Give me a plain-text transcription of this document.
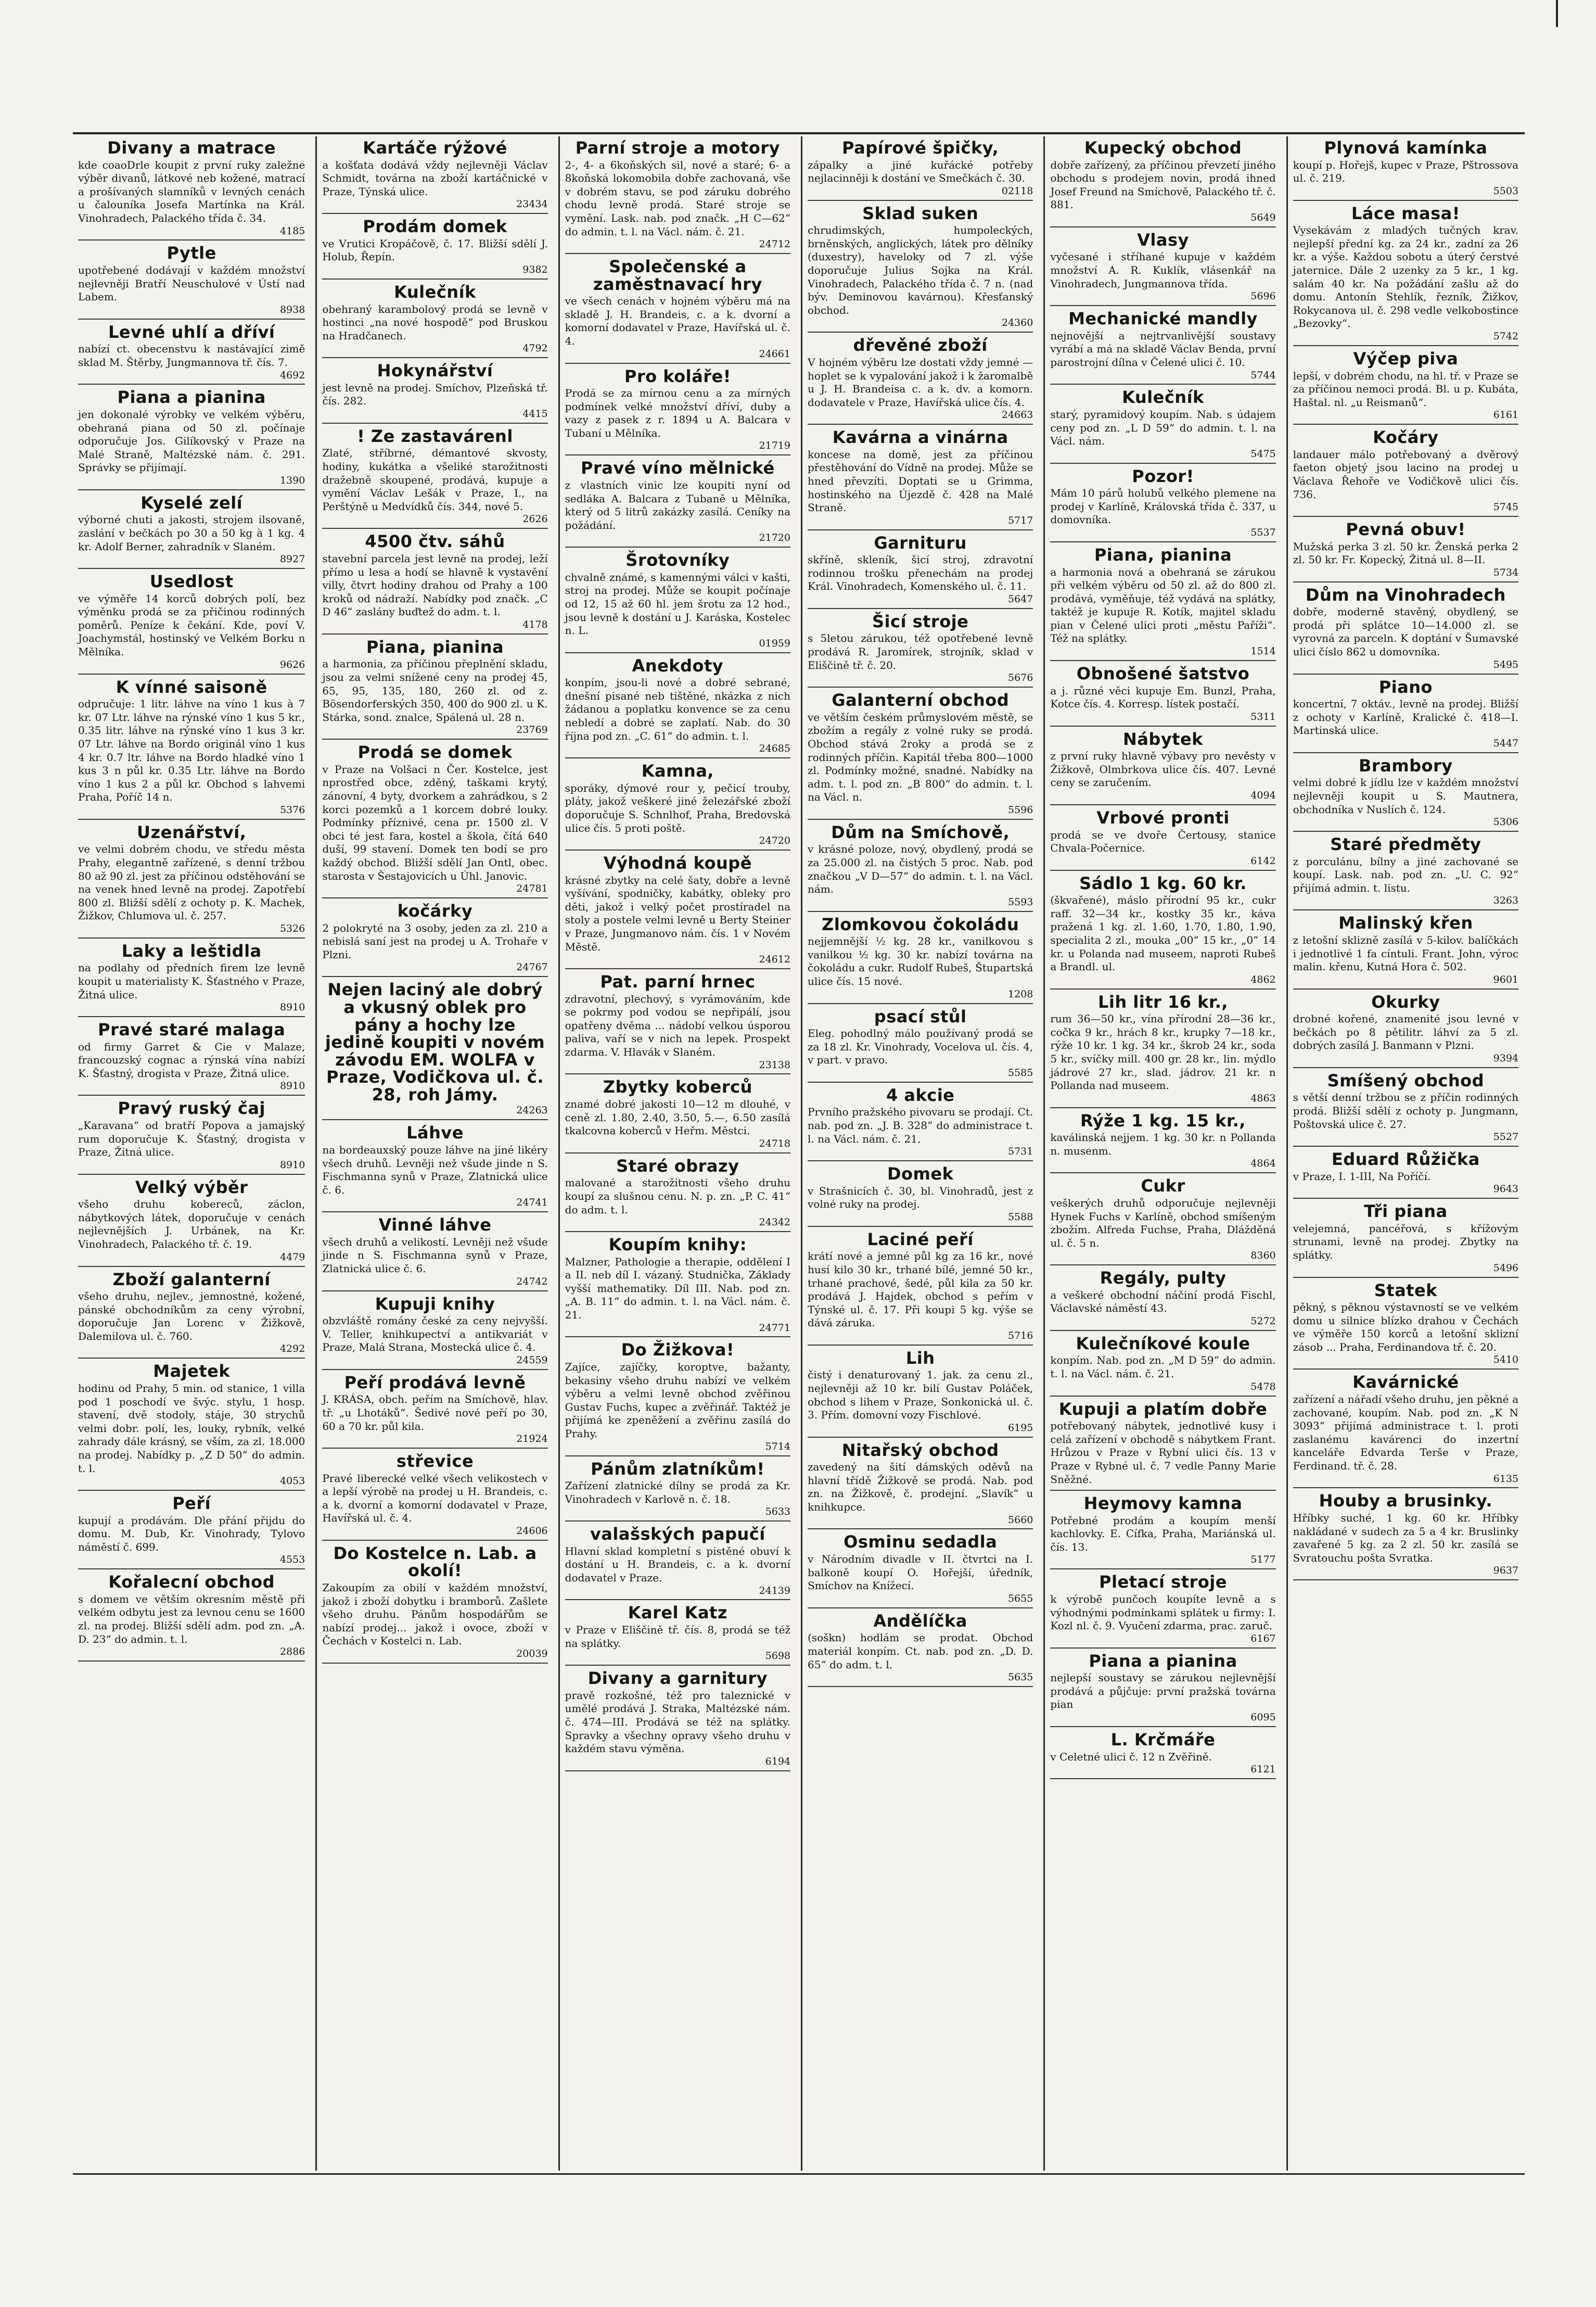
Divany a matrace

kde coaoDrle koupit z první ruky zaležne výběr divanů, látkové neb kožené, matrací a prošívaných slamníků v levných cenách u čalouníka Josefa Martínka na Král. Vinohradech, Palackého třída č. 34.

4185
Pytle

upotřebené dodávají v každém množství nejlevněji Bratří Neuschulové v Ústí nad Labem.

8938
Levné uhlí a dříví

nabízí ct. obecenstvu k nastávající zimě sklad M. Štěrby, Jungmannova tř. čís. 7.

4692
Piana a pianina

jen dokonalé výrobky ve velkém výběru, obehraná piana od 50 zl. počínaje odporučuje Jos. Gilíkovský v Praze na Malé Straně, Maltézské nám. č. 291. Správky se přijímají.

1390
Kyselé zelí

výborné chuti a jakosti, strojem ilsovaně, zaslání v bečkách po 30 a 50 kg à 1 kg. 4 kr. Adolf Berner, zahradník v Slaném.

8927
Usedlost

ve výměře 14 korců dobrých polí, bez výměnku prodá se za přičinou rodinných poměrů. Peníze k čekání. Kde, poví V. Joachymstál, hostinský ve Velkém Borku n Mělníka.

9626
K vínné saisoně

odpručuje: 1 litr. láhve na víno 1 kus à 7 kr. 07 Ltr. láhve na rýnské víno 1 kus 5 kr., 0.35 litr. láhve na rýnské víno 1 kus 3 kr. 07 Ltr. láhve na Bordo originál víno 1 kus 4 kr. 0.7 ltr. láhve na Bordo hladké víno 1 kus 3 n půl kr. 0.35 Ltr. láhve na Bordo víno 1 kus 2 a půl kr. Obchod s lahvemi Praha, Poříč 14 n.

5376
Uzenářství,

ve velmi dobrém chodu, ve středu města Prahy, elegantně zařízené, s denní tržbou 80 až 90 zl. jest za příčinou odstěhování se na venek hned levně na prodej. Zapotřebí 800 zl. Bližší sdělí z ochoty p. K. Machek, Žižkov, Chlumova ul. č. 257.

5326
Laky a leštidla

na podlahy od předních firem lze levně koupit u materialisty K. Šťastného v Praze, Žitná ulice.

8910
Pravé staré malaga

od firmy Garret & Cie v Malaze, francouzský cognac a rýnská vína nabízí K. Šťastný, drogista v Praze, Žitná ulice.

8910
Pravý ruský čaj

„Karavana“ od bratří Popova a jamajský rum doporučuje K. Šťastný, drogista v Praze, Žitná ulice.

8910
Velký výběr

všeho druhu kobereců, záclon, nábytkových látek, doporučuje v cenách nejlevnějších J. Urbánek, na Kr. Vinohradech, Palackého tř. č. 19.

4479
Zboží galanterní

všeho druhu, nejlev., jemnostné, kožené, pánské obchodníkům za ceny výrobní, doporučuje Jan Lorenc v Žižkově, Dalemilova ul. č. 760.

4292
Majetek

hodinu od Prahy, 5 min. od stanice, 1 villa pod 1 poschodí ve švýc. stylu, 1 hosp. stavení, dvě stodoly, stáje, 30 strychů velmi dobr. polí, les, louky, rybník, velké zahrady dále krásný, se vším, za zl. 18.000 na prodej. Nabídky p. „Z D 50“ do admin. t. l.

4053
Peří

kupují a prodávám. Dle přání přijdu do domu. M. Dub, Kr. Vinohrady, Tylovo náměstí č. 699.

4553
Kořalecní obchod

s domem ve větším okresním městě při velkém odbytu jest za levnou cenu se 1600 zl. na prodej. Bližší sdělí adm. pod zn. „A. D. 23“ do admin. t. l.

2886
Kartáče rýžové

a košťata dodává vždy nejlevněji Václav Schmidt, továrna na zboží kartáčnické v Praze, Týnská ulice.

23434
Prodám domek

ve Vrutici Kropáčově, č. 17. Bližší sdělí J. Holub, Řepín.

9382
Kulečník

obehraný karambolový prodá se levně v hostinci „na nové hospodě“ pod Bruskou na Hradčanech.

4792
Hokynářství

jest levně na prodej. Smíchov, Plzeňská tř. čís. 282.

4415
! Ze zastavárenl

Zlaté, stříbrné, démantové skvosty, hodiny, kukátka a všeliké starožitnosti dražebně skoupené, prodává, kupuje a vymění Václav Lešák v Praze, I., na Perštýně u Medvídků čís. 344, nové 5.

2626
4500 čtv. sáhů

stavební parcela jest levně na prodej, leží přímo u lesa a hodí se hlavně k vystavění villy, čtvrt hodiny drahou od Prahy a 100 kroků od nádraží. Nabídky pod značk. „C D 46“ zaslány buďtež do adm. t. l.

4178
Piana, pianina

a harmonia, za příčinou přeplnění skladu, jsou za velmi snížené ceny na prodej 45, 65, 95, 135, 180, 260 zl. od z. Bösendorferských 350, 400 do 900 zl. u K. Stárka, sond. znalce, Spálená ul. 28 n.

23769
Prodá se domek

v Praze na Volšaci n Čer. Kostelce, jest nprostřed obce, zděný, taškami krytý, zánovní, 4 byty, dvorkem a zahrádkou, s 2 korci pozemků a 1 korcem dobré louky. Podmínky příznivé, cena pr. 1500 zl. V obci té jest fara, kostel a škola, čítá 640 duší, 99 stavení. Domek ten bodí se pro každý obchod. Bližší sdělí Jan Ontl, obec. starosta v Šestajovicích u Úhl. Janovic.

24781
kočárky

2 polokryté na 3 osoby, jeden za zl. 210 a nebislá saní jest na prodej u A. Trohaře v Plzni.

24767
Nejen laciný ale dobrý a vkusný oblek pro pány a hochy lze jedině koupiti v novém závodu EM. WOLFA v Praze, Vodičkova ul. č. 28, roh Jámy.

24263
Láhve

na bordeauxský pouze láhve na jiné likéry všech druhů. Levněji než všude jinde n S. Fischmanna synů v Praze, Zlatnická ulice č. 6.

24741
Vinné láhve

všech druhů a velikostí. Levněji než všude jinde n S. Fischmanna synů v Praze, Zlatnická ulice č. 6.

24742
Kupuji knihy

obzvláště romány české za ceny nejvyšší. V. Teller, knihkupectví a antikvariát v Praze, Malá Strana, Mostecká ulice č. 4.

24559
Peří prodává levně

J. KRÁSA, obch. peřím na Smíchově, hlav. tř. „u Lhotáků“. Šedivé nové peří po 30, 60 a 70 kr. půl kila.

21924
střevice

Pravé liberecké velké všech velikostech v a lepší výrobě na prodej u H. Brandeis, c. a k. dvorní a komorní dodavatel v Praze, Havířská ul. č. 4.

24606
Do Kostelce n. Lab. a okolí!

Zakoupím za obilí v každém množství, jakož i zboží dobytku i bramborů. Zašlete všeho druhu. Pánům hospodářům se nabízí prodej... jakož i ovoce, zboží v Čechách v Kostelci n. Lab.

20039
Parní stroje a motory

2-, 4- a 6koňských sil, nové a staré; 6- a 8koňská lokomobila dobře zachovaná, vše v dobrém stavu, se pod záruku dobrého chodu levně prodá. Staré stroje se vymění. Lask. nab. pod značk. „H C—62“ do admin. t. l. na Václ. nám. č. 21.

24712
Společenské a zaměstnavací hry

ve všech cenách v hojném výběru má na skladě J. H. Brandeis, c. a k. dvorní a komorní dodavatel v Praze, Havířská ul. č. 4.

24661
Pro koláře!

Prodá se za mírnou cenu a za mírných podmínek velké množství dříví, duby a vazy z pasek z r. 1894 u A. Balcara v Tubaní u Mělníka.

21719
Pravé víno mělnické

z vlastních vinic lze koupiti nyní od sedláka A. Balcara z Tubaně u Mělníka, který od 5 litrů zakázky zasílá. Ceníky na požádání.

21720
Šrotovníky

chvalně známé, s kamennými válci v kašti, stroj na prodej. Může se koupit počínaje od 12, 15 až 60 hl. jem šrotu za 12 hod., jsou levně k dostání u J. Karáska, Kostelec n. L.

01959
Anekdoty

konpím, jsou-li nové a dobré sebrané, dnešní pisané neb tištěné, nkázka z nich žádanou a poplatku konvence se za cenu nebledí a dobré se zaplatí. Nab. do 30 října pod zn. „C. 61“ do admin. t. l.

24685
Kamna,

sporáky, dýmové rour y, pečicí trouby, pláty, jakož veškeré jiné železářské zboží doporučuje S. Schnlhof, Praha, Bredovská ulice čís. 5 proti poště.

24720
Výhodná koupě

krásné zbytky na celé šaty, dobře a levně vyšívání, spodničky, kabátky, obleky pro děti, jakož i velký počet prostíradel na stoly a postele velmi levně u Berty Steiner v Praze, Jungmanovo nám. čís. 1 v Novém Městě.

24612
Pat. parní hrnec

zdravotní, plechový, s vyrámováním, kde se pokrmy pod vodou se nepřipálí, jsou opatřeny dvěma ... nádobí velkou úsporou paliva, vaří se v nich na lepek. Prospekt zdarma. V. Hlavák v Slaném.

23138
Zbytky koberců

znamé dobré jakosti 10—12 m dlouhé, v ceně zl. 1.80, 2.40, 3.50, 5.—, 6.50 zasílá tkalcovna koberců v Heřm. Městci.

24718
Staré obrazy

malované a starožitnosti všeho druhu koupí za slušnou cenu. N. p. zn. „P. C. 41“ do adm. t. l.

24342
Koupím knihy:

Malzner, Pathologie a therapie, oddělení I a II. neb díl I. vázaný. Studnička, Základy vyšší mathematiky. Díl III. Nab. pod zn. „A. B. 11“ do admin. t. l. na Václ. nám. č. 21.

24771
Do Žižkova!

Zajíce, zajíčky, koroptve, bažanty, bekasiny všeho druhu nabízí ve velkém výběru a velmi levně obchod zvěřinou Gustav Fuchs, kupec a zvěřinář. Taktéž je přijímá ke zpeněžení a zvěřinu zasílá do Prahy.

5714
Pánům zlatníkům!

Zařízení zlatnické dílny se prodá za Kr. Vinohradech v Karlově n. č. 18.

5633
valašských papučí

Hlavní sklad kompletní s pistěné obuví k dostání u H. Brandeis, c. a k. dvorní dodavatel v Praze.

24139
Karel Katz

v Praze v Eliščině tř. čís. 8, prodá se též na splátky.

5698
Divany a garnitury

pravě rozkošné, též pro taleznické v umělé prodává J. Straka, Maltézské nám. č. 474—III. Prodává se též na splátky. Spravky a všechny opravy všeho druhu v každém stavu výměna.

6194
Papírové špičky,

zápalky a jiné kuřácké potřeby nejlacinněji k dostání ve Smečkách č. 30.

02118
Sklad suken

chrudimských, humpoleckých, brněnských, anglických, látek pro dělníky (duxestry), haveloky od 7 zl. výše doporučuje Julius Sojka na Král. Vinohradech, Palackého třída č. 7 n. (nad býv. Deminovou kavárnou). Křesťanský obchod.

24360
dřevěné zboží

V hojném výběru lze dostati vždy jemné — hoplet se k vypalování jakož i k žaromalbě u J. H. Brandeisa c. a k. dv. a komorn. dodavatele v Praze, Havířská ulice čís. 4.

24663
Kavárna a vinárna

koncese na domě, jest za příčinou přestěhování do Vídně na prodej. Může se hned převzíti. Doptati se u Grimma, hostinského na Újezdě č. 428 na Malé Straně.

5717
Garnituru

skříně, skleník, šicí stroj, zdravotní rodinnou trošku přenechám na prodej Král. Vinohradech, Komenského ul. č. 11.

5647
Šicí stroje

s 5letou zárukou, též opotřebené levně prodává R. Jaromírek, strojník, sklad v Eliščině tř. č. 20.

5676
Galanterní obchod

ve větším českém průmyslovém městě, se zbožím a regály z volné ruky se prodá. Obchod stává 2roky a prodá se z rodinných příčin. Kapitál třeba 800—1000 zl. Podmínky možné, snadné. Nabídky na adm. t. l. pod zn. „B 800“ do admin. t. l. na Václ. n.

5596
Dům na Smíchově,

v krásné poloze, nový, obydlený, prodá se za 25.000 zl. na čistých 5 proc. Nab. pod značkou „V D—57“ do admin. t. l. na Václ. nám.

5593
Zlomkovou čokoládu

nejjemnější ½ kg. 28 kr., vanilkovou s vanilkou ½ kg. 30 kr. nabízí továrna na čokoládu a cukr. Rudolf Rubeš, Štupartská ulice čís. 15 nové.

1208
psací stůl

Eleg. pohodlný málo používaný prodá se za 18 zl. Kr. Vinohrady, Vocelova ul. čís. 4, v part. v pravo.

5585
4 akcie

Prvního pražského pivovaru se prodají. Ct. nab. pod zn. „J. B. 328“ do administrace t. l. na Václ. nám. č. 21.

5731
Domek

v Strašnicích č. 30, bl. Vinohradů, jest z volné ruky na prodej.

5588
Laciné peří

krátí nové a jemné půl kg za 16 kr., nové husí kilo 30 kr., trhané bílé, jemné 50 kr., trhané prachové, šedé, půl kila za 50 kr. prodává J. Hajdek, obchod s peřím v Týnské ul. č. 17. Při koupi 5 kg. výše se dává záruka.

5716
Lih

čistý i denaturovaný 1. jak. za cenu zl., nejlevněji až 10 kr. bilí Gustav Poláček, obchod s lihem v Praze, Sonkonická ul. č. 3. Přím. domovní vozy Fischlové.

6195
Nitařský obchod

zavedený na šití dámských oděvů na hlavní třídě Žižkově se prodá. Nab. pod zn. na Žižkově, č. prodejní. „Slavík“ u knihkupce.

5660
Osminu sedadla

v Národním divadle v II. čtvrtci na I. balkoně koupí O. Hořejší, úředník, Smíchov na Knížecí.

5655
Andělíčka

(soškn) hodlám se prodat. Obchod materiál konpím. Ct. nab. pod zn. „D. D. 65“ do adm. t. l.

5635
Kupecký obchod

dobře zařízený, za příčinou převzetí jiného obchodu s prodejem novin, prodá ihned Josef Freund na Smíchově, Palackého tř. č. 881.

5649
Vlasy

vyčesané i stříhané kupuje v každém množství A. R. Kuklík, vlásenkář na Vinohradech, Jungmannova třída.

5696
Mechanické mandly

nejnovější a nejtrvanlivější soustavy vyrábí a má na skladě Václav Benda, první parostrojní dílna v Čelené ulici č. 10.

5744
Kulečník

starý, pyramidový koupím. Nab. s údajem ceny pod zn. „L D 59“ do admin. t. l. na Václ. nám.

5475
Pozor!

Mám 10 párů holubů velkého plemene na prodej v Karlíně, Královská třída č. 337, u domovníka.

5537
Piana, pianina

a harmonia nová a obehraná se zárukou při velkém výběru od 50 zl. až do 800 zl. prodává, vyměňuje, též vydává na splátky, taktéž je kupuje R. Kotík, majitel skladu pian v Čelené ulici proti „městu Paříži“. Též na splátky.

1514
Obnošené šatstvo

a j. různé věci kupuje Em. Bunzl, Praha, Kotce čís. 4. Korresp. lístek postačí.

5311
Nábytek

z první ruky hlavně výbavy pro nevěsty v Žižkově, Olmbrkova ulice čís. 407. Levné ceny se zaručením.

4094
Vrbové pronti

prodá se ve dvoře Čertousy, stanice Chvala-Počernice.

6142
Sádlo 1 kg. 60 kr.

(škvařené), máslo přírodní 95 kr., cukr raff. 32—34 kr., kostky 35 kr., káva pražená 1 kg. zl. 1.60, 1.70, 1.80, 1.90, specialita 2 zl., mouka „00“ 15 kr., „0“ 14 kr. u Polanda nad museem, naproti Rubeš a Brandl. ul.

4862
Lih litr 16 kr.,

rum 36—50 kr., vína přírodní 28—36 kr., cočka 9 kr., hrách 8 kr., krupky 7—18 kr., rýže 10 kr. 1 kg. 34 kr., škrob 24 kr., soda 5 kr., svíčky mill. 400 gr. 28 kr., lin. mýdlo jádrové 27 kr., slad. jádrov. 21 kr. n Pollanda nad museem.

4863
Rýže 1 kg. 15 kr.,

kaválinská nejjem. 1 kg. 30 kr. n Pollanda n. musenm.

4864
Cukr

veškerých druhů odporučuje nejlevněji Hynek Fuchs v Karlíně, obchod smíšeným zbožím. Alfreda Fuchse, Praha, Dlážděná ul. č. 5 n.

8360
Regály, pulty

a veškeré obchodní náčiní prodá Fischl, Václavské náměstí 43.

5272
Kulečníkové koule

konpím. Nab. pod zn. „M D 59“ do admin. t. l. na Václ. nám. č. 21.

5478
Kupuji a platím dobře

potřebovaný nábytek, jednotlivé kusy i celá zařízení v obchodě s nábytkem Frant. Hrůzou v Praze v Rybní ulici čís. 13 v Praze v Rybné ul. č. 7 vedle Panny Marie Sněžné.

Heymovy kamna

Potřebné prodám a koupím menší kachlovky. E. Cífka, Praha, Mariánská ul. čís. 13.

5177
Pletací stroje

k výrobě punčoch koupíte levně a s výhodnými podmínkami splátek u firmy: I. Kozl nl. č. 9. Vyučení zdarma, prac. zaruč.

6167
Piana a pianina

nejlepší soustavy se zárukou nejlevnější prodává a půjčuje: první pražská továrna pian

6095
L. Krčmáře

v Celetné ulici č. 12 n Zvěřině.

6121
Plynová kamínka

koupí p. Hořejš, kupec v Praze, Pštrossova ul. č. 219.

5503
Láce masa!

Vysekávám z mladých tučných krav. nejlepší přední kg. za 24 kr., zadní za 26 kr. a výše. Každou sobotu a úterý čerstvé jaternice. Dále 2 uzenky za 5 kr., 1 kg. salám 40 kr. Na požádání zašlu až do domu. Antonín Stehlík, řezník, Žižkov, Rokycanova ul. č. 298 vedle velkobostince „Bezovky“.

5742
Výčep piva

lepší, v dobrém chodu, na hl. tř. v Praze se za příčinou nemoci prodá. Bl. u p. Kubáta, Haštal. nl. „u Reismanů“.

6161
Kočáry

landauer málo potřebovaný a dvěrový faeton objetý jsou lacino na prodej u Václava Řehoře ve Vodičkově ulici čís. 736.

5745
Pevná obuv!

Mužská perka 3 zl. 50 kr. Ženská perka 2 zl. 50 kr. Fr. Kopecký, Žitná ul. 8—II.

5734
Dům na Vinohradech

dobře, moderně stavěný, obydlený, se prodá při splátce 10—14.000 zl. se vyrovná za parceln. K doptání v Šumavské ulici číslo 862 u domovníka.

5495
Piano

koncertní, 7 oktáv., levně na prodej. Bližší z ochoty v Karlíně, Kralické č. 418—I. Martinská ulice.

5447
Brambory

velmi dobré k jídlu lze v každém množství nejlevněji koupit u S. Mautnera, obchodníka v Nuslích č. 124.

5306
Staré předměty

z porculánu, bílny a jiné zachované se koupí. Lask. nab. pod zn. „U. C. 92“ přijímá admin. t. listu.

3263
Malinský křen

z letošní sklizně zasílá v 5-kilov. balíčkách i jednotlivé 1 fa cíntuli. Frant. John, výroc malin. křenu, Kutná Hora č. 502.

9601
Okurky

drobné kořené, znamenité jsou levné v bečkách po 8 pětilitr. láhví za 5 zl. dobrých zasílá J. Banmann v Plzni.

9394
Smíšený obchod

s větší denní tržbou se z příčin rodinných prodá. Bližší sdělí z ochoty p. Jungmann, Poštovská ulice č. 27.

5527
Eduard Růžička

v Praze, I. 1-III, Na Poříčí.

9643
Tři piana

velejemná, pancéřová, s křížovým strunami, levně na prodej. Zbytky na splátky.

5496
Statek

pěkný, s pěknou výstavností se ve velkém domu u silnice blízko drahou v Čechách ve výměře 150 korců a letošní sklizní zásob ... Praha, Ferdinandova tř. č. 20.

5410
Kavárnické

zařízení a nářadí všeho druhu, jen pěkné a zachované, koupím. Nab. pod zn. „K N 3093“ přijímá administrace t. l. proti zaslanému kavárenci do inzertní kanceláře Edvarda Terše v Praze, Ferdinand. tř. č. 28.

6135
Houby a brusinky.

Hříbky suché, 1 kg. 60 kr. Hříbky nakládané v sudech za 5 a 4 kr. Bruslinky zavařené 5 kg. za 2 zl. 50 kr. zasílá se Svratouchu pošta Svratka.

9637
